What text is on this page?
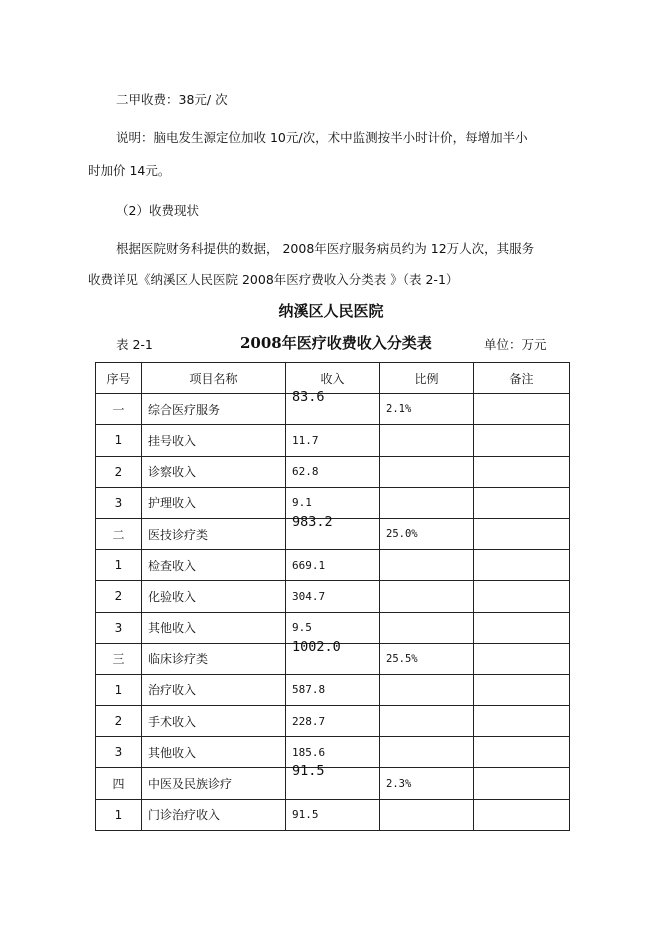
二甲收费：38元/ 次
说明：脑电发生源定位加收 10元/次，术中监测按半小时计价，每增加半小
时加价 14元。
（2）收费现状
根据医院财务科提供的数据， 2008年医疗服务病员约为 12万人次，其服务
收费详见《纳溪区人民医院 2008年医疗费收入分类表 》（表 2-1）
纳溪区人民医院
表 2-1	2008年医疗收费收入分类表	单位：万元
序号	项目名称	收入	比例	备注
一	综合医疗服务	83.6	2.1%	
1	挂号收入	11.7		
2	诊察收入	62.8		
3	护理收入	9.1		
二	医技诊疗类	983.2	25.0%	
1	检查收入	669.1		
2	化验收入	304.7		
3	其他收入	9.5		
三	临床诊疗类	1002.0	25.5%	
1	治疗收入	587.8		
2	手术收入	228.7		
3	其他收入	185.6		
四	中医及民族诊疗	91.5	2.3%	
1	门诊治疗收入	91.5		
